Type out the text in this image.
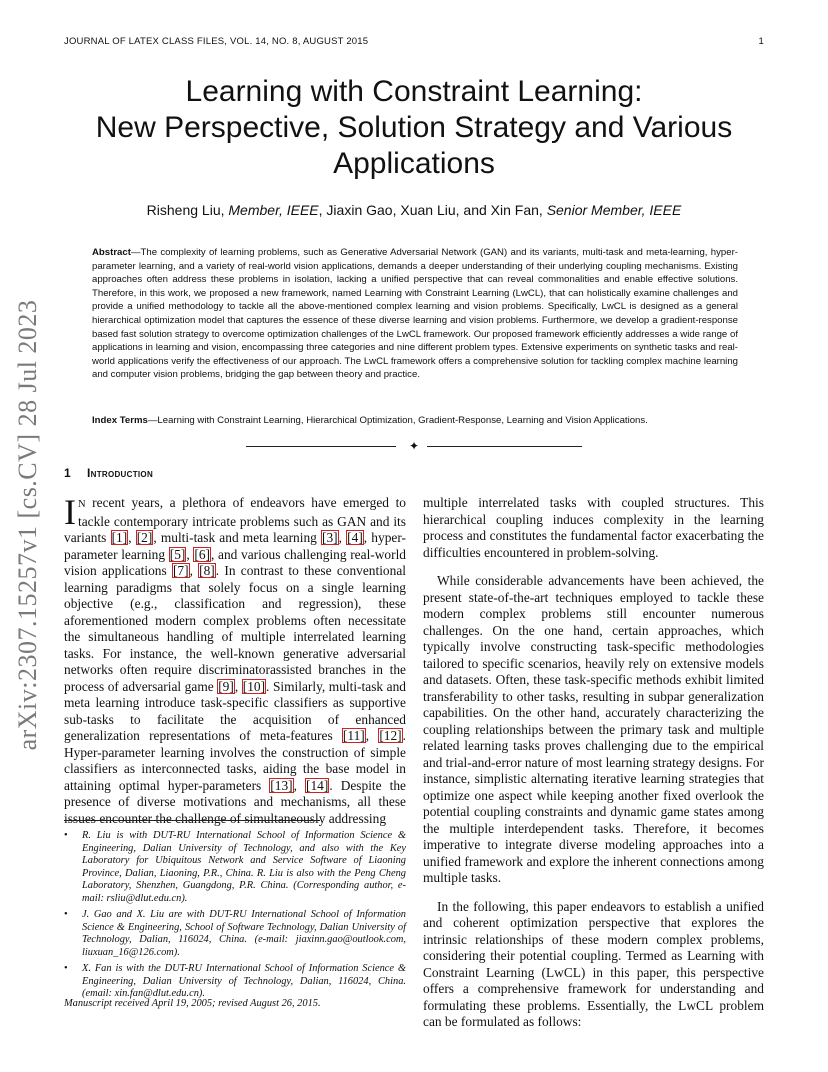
JOURNAL OF LATEX CLASS FILES, VOL. 14, NO. 8, AUGUST 2015	1
arXiv:2307.15257v1 [cs.CV] 28 Jul 2023
Learning with Constraint Learning:
New Perspective, Solution Strategy and Various
Applications
Risheng Liu, Member, IEEE, Jiaxin Gao, Xuan Liu, and Xin Fan, Senior Member, IEEE
Abstract—The complexity of learning problems, such as Generative Adversarial Network (GAN) and its variants, multi-task and meta-learning, hyper-parameter learning, and a variety of real-world vision applications, demands a deeper understanding of their underlying coupling mechanisms. Existing approaches often address these problems in isolation, lacking a unified perspective that can reveal commonalities and enable effective solutions. Therefore, in this work, we proposed a new framework, named Learning with Constraint Learning (LwCL), that can holistically examine challenges and provide a unified methodology to tackle all the above-mentioned complex learning and vision problems. Specifically, LwCL is designed as a general hierarchical optimization model that captures the essence of these diverse learning and vision problems. Furthermore, we develop a gradient-response based fast solution strategy to overcome optimization challenges of the LwCL framework. Our proposed framework efficiently addresses a wide range of applications in learning and vision, encompassing three categories and nine different problem types. Extensive experiments on synthetic tasks and real-world applications verify the effectiveness of our approach. The LwCL framework offers a comprehensive solution for tackling complex machine learning and computer vision problems, bridging the gap between theory and practice.
Index Terms—Learning with Constraint Learning, Hierarchical Optimization, Gradient-Response, Learning and Vision Applications.
✦
1 Introduction

IN recent years, a plethora of endeavors have emerged to tackle contemporary intricate problems such as GAN and its variants [1], [2], multi-task and meta learning [3], [4], hyper-parameter learning [5], [6], and various challenging real-world vision applications [7], [8]. In contrast to these conventional learning paradigms that solely focus on a single learning objective (e.g., classification and regression), these aforementioned modern complex problems often necessitate the simultaneous handling of multiple interrelated learning tasks. For instance, the well-known generative adversarial networks often require discriminatorassisted branches in the process of adversarial game [9], [10]. Similarly, multi-task and meta learning introduce task-specific classifiers as supportive sub-tasks to facilitate the acquisition of enhanced generalization representations of meta-features [11], [12]. Hyper-parameter learning involves the construction of simple classifiers as interconnected tasks, aiding the base model in attaining optimal hyper-parameters [13], [14]. Despite the presence of diverse motivations and mechanisms, all these issues encounter the challenge of simultaneously addressing

multiple interrelated tasks with coupled structures. This hierarchical coupling induces complexity in the learning process and constitutes the fundamental factor exacerbating the difficulties encountered in problem-solving.

While considerable advancements have been achieved, the present state-of-the-art techniques employed to tackle these modern complex problems still encounter numerous challenges. On the one hand, certain approaches, which typically involve constructing task-specific methodologies tailored to specific scenarios, heavily rely on extensive models and datasets. Often, these task-specific methods exhibit limited transferability to other tasks, resulting in subpar generalization capabilities. On the other hand, accurately characterizing the coupling relationships between the primary task and multiple related learning tasks proves challenging due to the empirical and trial-and-error nature of most learning strategy designs. For instance, simplistic alternating iterative learning strategies that optimize one aspect while keeping another fixed overlook the potential coupling constraints and dynamic game states among the multiple interdependent tasks. Therefore, it becomes imperative to integrate diverse modeling approaches into a unified framework and explore the inherent connections among multiple tasks.

In the following, this paper endeavors to establish a unified and coherent optimization perspective that explores the intrinsic relationships of these modern complex problems, considering their potential coupling. Termed as Learning with Constraint Learning (LwCL) in this paper, this perspective offers a comprehensive framework for understanding and formulating these problems. Essentially, the LwCL problem can be formulated as follows:

• R. Liu is with DUT-RU International School of Information Science & Engineering, Dalian University of Technology, and also with the Key Laboratory for Ubiquitous Network and Service Software of Liaoning Province, Dalian, Liaoning, P.R., China. R. Liu is also with the Peng Cheng Laboratory, Shenzhen, Guangdong, P.R. China. (Corresponding author, e-mail: rsliu@dlut.edu.cn).
• J. Gao and X. Liu are with DUT-RU International School of Information Science & Engineering, School of Software Technology, Dalian University of Technology, Dalian, 116024, China. (e-mail: jiaxinn.gao@outlook.com, liuxuan_16@126.com).
• X. Fan is with the DUT-RU International School of Information Science & Engineering, Dalian University of Technology, Dalian, 116024, China. (email: xin.fan@dlut.edu.cn).
Manuscript received April 19, 2005; revised August 26, 2015.
